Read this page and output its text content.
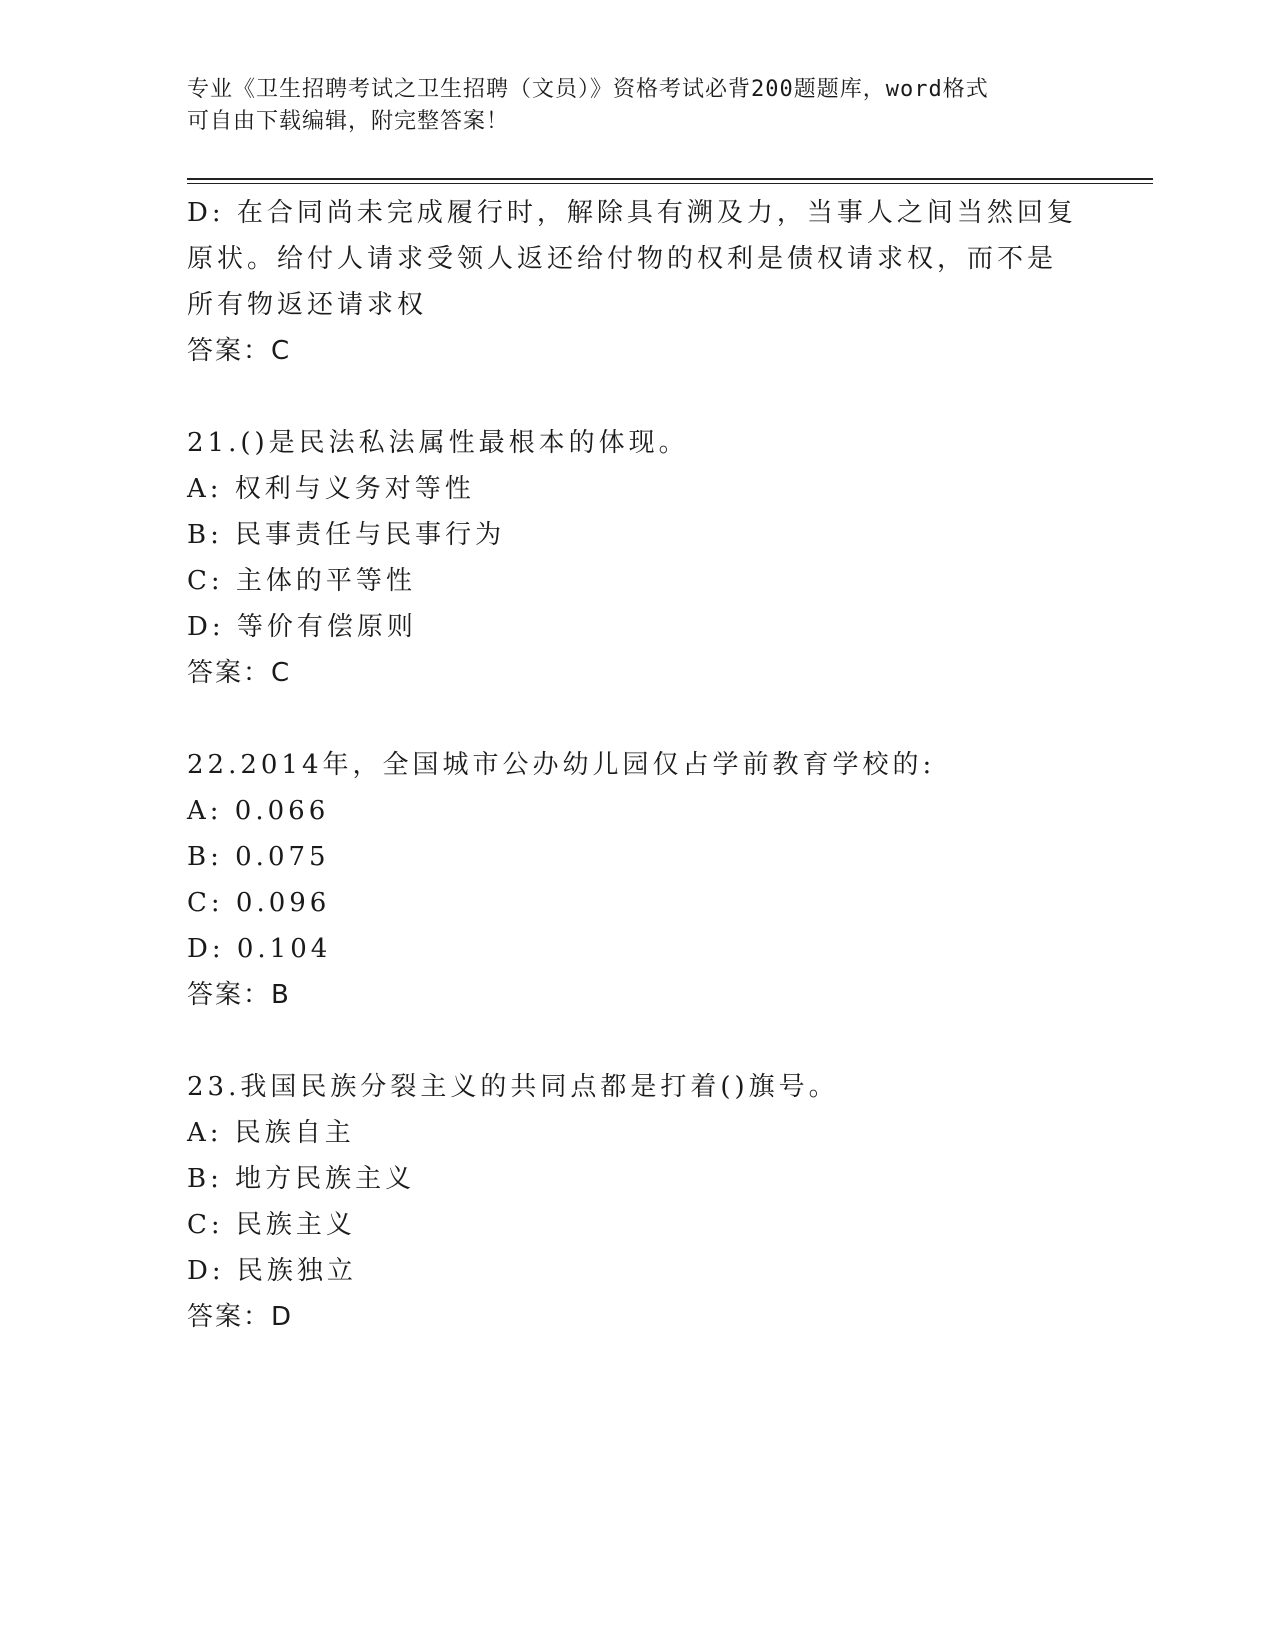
专业《卫生招聘考试之卫生招聘（文员）》资格考试必背200题题库，word格式
可自由下载编辑，附完整答案！
D: 在合同尚未完成履行时，解除具有溯及力，当事人之间当然回复原状。给付人请求受领人返还给付物的权利是债权请求权，而不是所有物返还请求权
答案：C
21.()是民法私法属性最根本的体现。
A: 权利与义务对等性
B: 民事责任与民事行为
C: 主体的平等性
D: 等价有偿原则
答案：C
22.2014年，全国城市公办幼儿园仅占学前教育学校的:
A: 0.066
B: 0.075
C: 0.096
D: 0.104
答案：B
23.我国民族分裂主义的共同点都是打着()旗号。
A: 民族自主
B: 地方民族主义
C: 民族主义
D: 民族独立
答案：D
